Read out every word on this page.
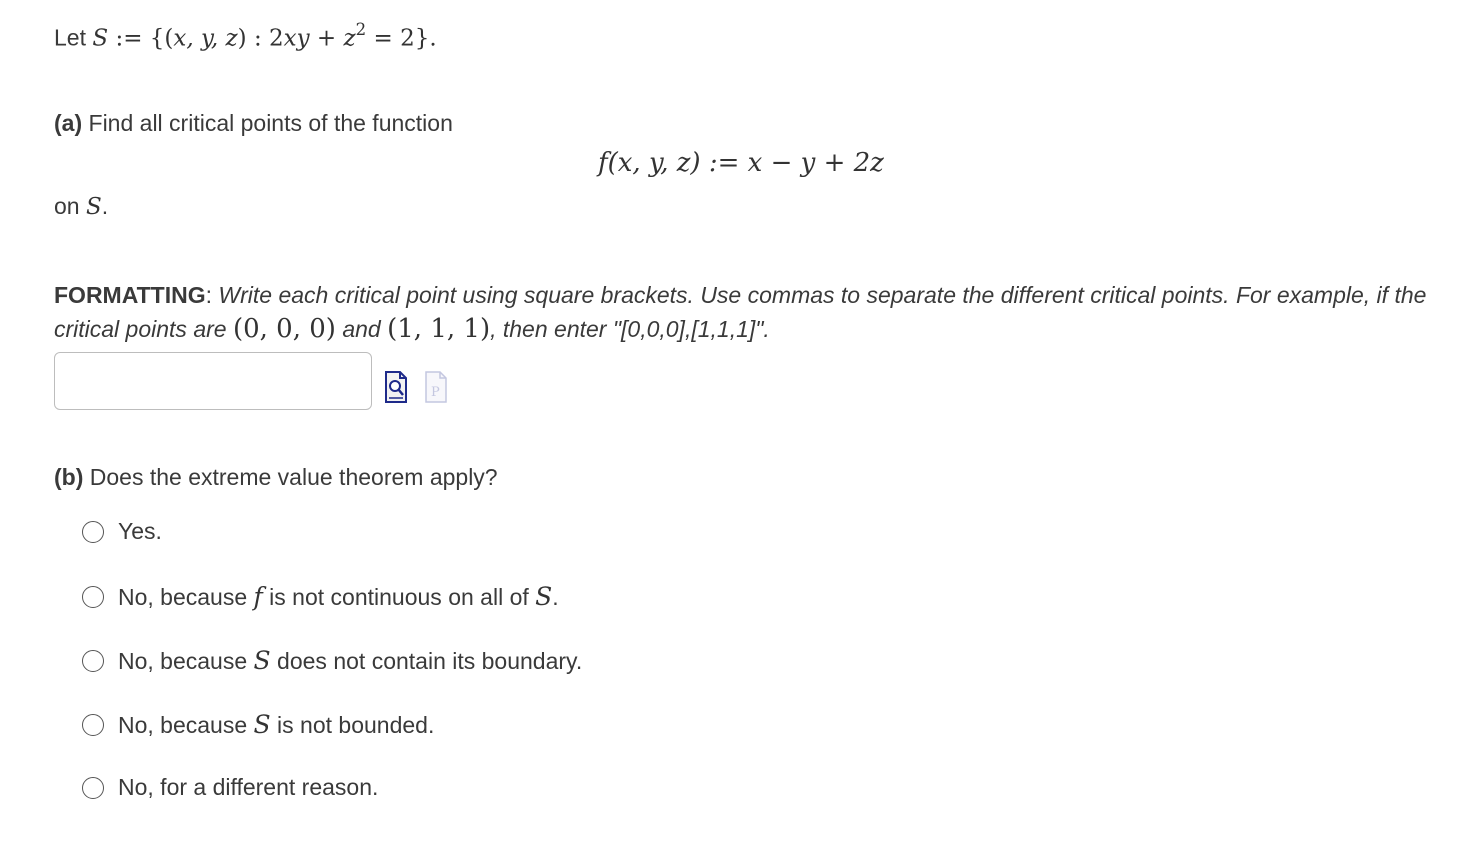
Let S := {(x, y, z) : $2xy + z^2 = 2$}.
(a) Find all critical points of the function
f(x, y, z) := x − y + 2z
on S.
FORMATTING: Write each critical point using square brackets. Use commas to separate the different critical points. For example, if the critical points are (0, 0, 0) and (1, 1, 1), then enter "[0,0,0],[1,1,1]".
P
(b) Does the extreme value theorem apply?
Yes.
No, because f is not continuous on all of S.
No, because S does not contain its boundary.
No, because S is not bounded.
No, for a different reason.
